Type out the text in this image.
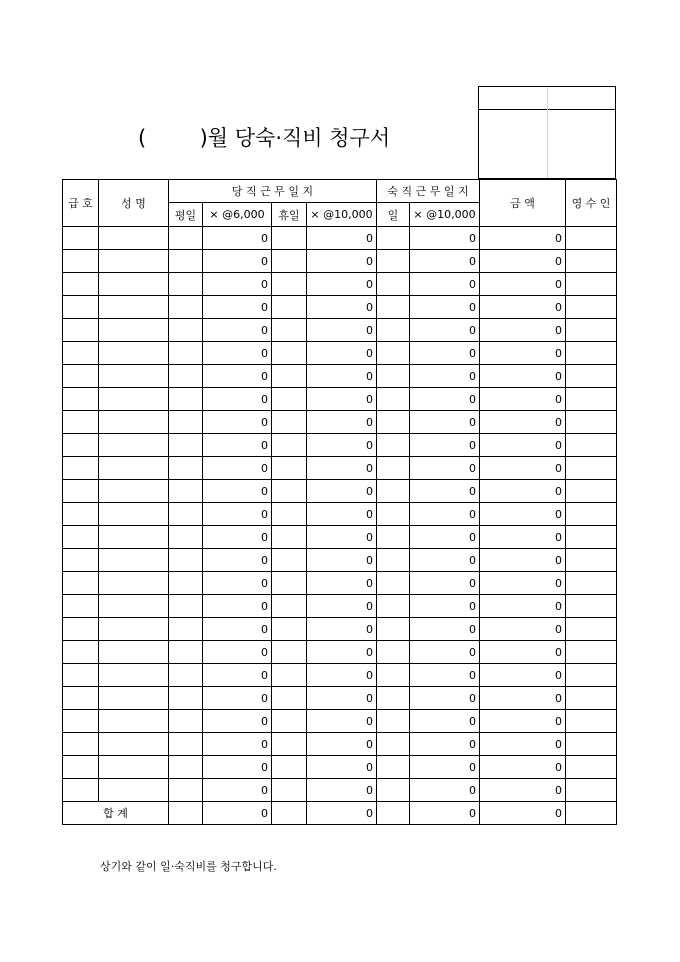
(        )월 당숙·직비 청구서
급 호	성 명	당 직 근 무 일 지				숙 직 근 무 일 지		금 액	영 수 인
		평일	× @6,000	휴일	× @10,000	일	× @10,000		
			0		0		0	0	
			0		0		0	0	
			0		0		0	0	
			0		0		0	0	
			0		0		0	0	
			0		0		0	0	
			0		0		0	0	
			0		0		0	0	
			0		0		0	0	
			0		0		0	0	
			0		0		0	0	
			0		0		0	0	
			0		0		0	0	
			0		0		0	0	
			0		0		0	0	
			0		0		0	0	
			0		0		0	0	
			0		0		0	0	
			0		0		0	0	
			0		0		0	0	
			0		0		0	0	
			0		0		0	0	
			0		0		0	0	
			0		0		0	0	
			0		0		0	0	
합 계			0		0		0	0	
상기와 같이 일·숙직비를 청구합니다.
